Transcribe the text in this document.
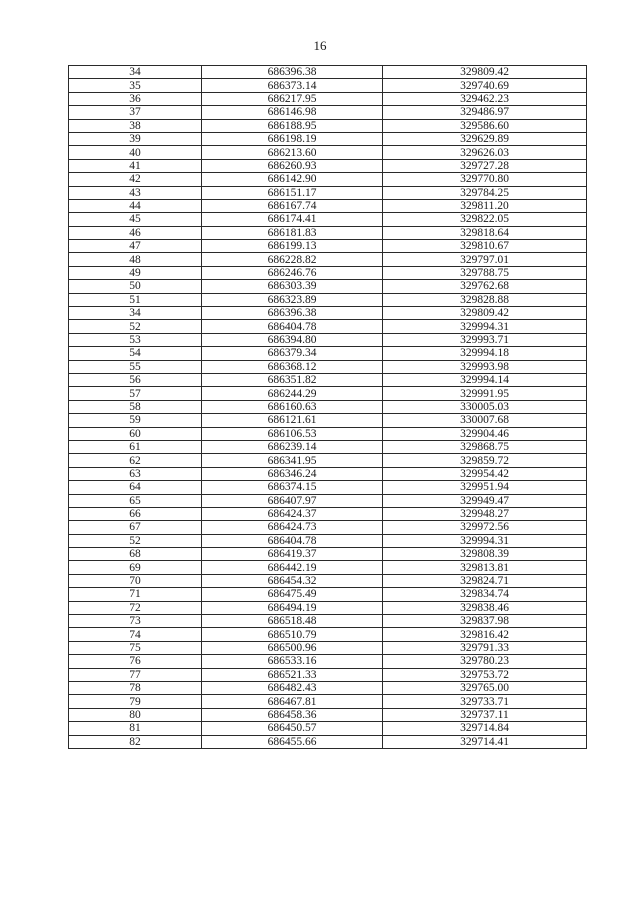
16
34	686396.38	329809.42
35	686373.14	329740.69
36	686217.95	329462.23
37	686146.98	329486.97
38	686188.95	329586.60
39	686198.19	329629.89
40	686213.60	329626.03
41	686260.93	329727.28
42	686142.90	329770.80
43	686151.17	329784.25
44	686167.74	329811.20
45	686174.41	329822.05
46	686181.83	329818.64
47	686199.13	329810.67
48	686228.82	329797.01
49	686246.76	329788.75
50	686303.39	329762.68
51	686323.89	329828.88
34	686396.38	329809.42
52	686404.78	329994.31
53	686394.80	329993.71
54	686379.34	329994.18
55	686368.12	329993.98
56	686351.82	329994.14
57	686244.29	329991.95
58	686160.63	330005.03
59	686121.61	330007.68
60	686106.53	329904.46
61	686239.14	329868.75
62	686341.95	329859.72
63	686346.24	329954.42
64	686374.15	329951.94
65	686407.97	329949.47
66	686424.37	329948.27
67	686424.73	329972.56
52	686404.78	329994.31
68	686419.37	329808.39
69	686442.19	329813.81
70	686454.32	329824.71
71	686475.49	329834.74
72	686494.19	329838.46
73	686518.48	329837.98
74	686510.79	329816.42
75	686500.96	329791.33
76	686533.16	329780.23
77	686521.33	329753.72
78	686482.43	329765.00
79	686467.81	329733.71
80	686458.36	329737.11
81	686450.57	329714.84
82	686455.66	329714.41
